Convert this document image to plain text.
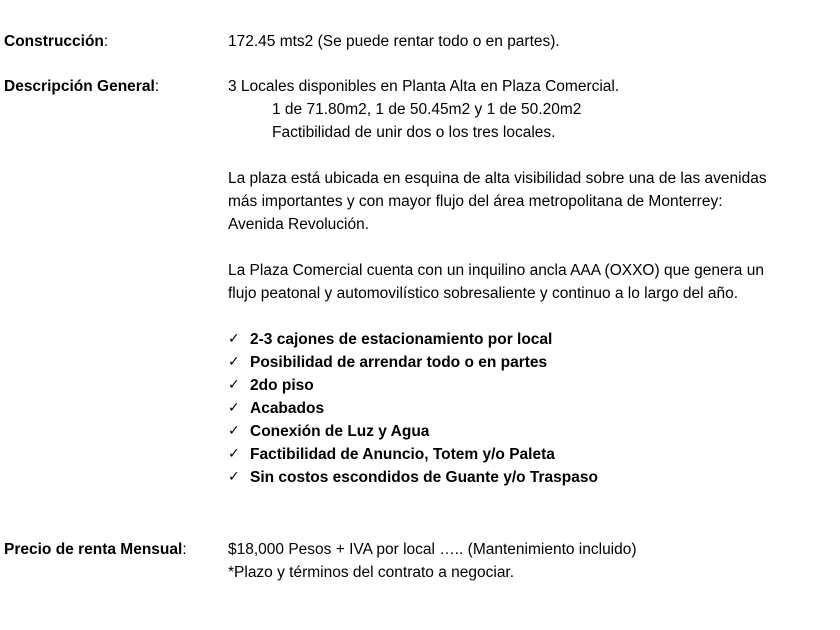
Construcción:	172.45 mts2 (Se puede rentar todo o en partes).
Descripción General:	3 Locales disponibles en Planta Alta en Plaza Comercial.
1 de 71.80m2, 1 de 50.45m2 y 1 de 50.20m2
Factibilidad de unir dos o los tres locales.

La plaza está ubicada en esquina de alta visibilidad sobre una de las avenidas
más importantes y con mayor flujo del área metropolitana de Monterrey:
Avenida Revolución.

La Plaza Comercial cuenta con un inquilino ancla AAA (OXXO) que genera un
flujo peatonal y automovilístico sobresaliente y continuo a lo largo del año.

✓ 2-3 cajones de estacionamiento por local
✓ Posibilidad de arrendar todo o en partes
✓ 2do piso
✓ Acabados
✓ Conexión de Luz y Agua
✓ Factibilidad de Anuncio, Totem y/o Paleta
✓ Sin costos escondidos de Guante y/o Traspaso
Precio de renta Mensual:	$18,000 Pesos + IVA por local ….. (Mantenimiento incluido)
*Plazo y términos del contrato a negociar.
